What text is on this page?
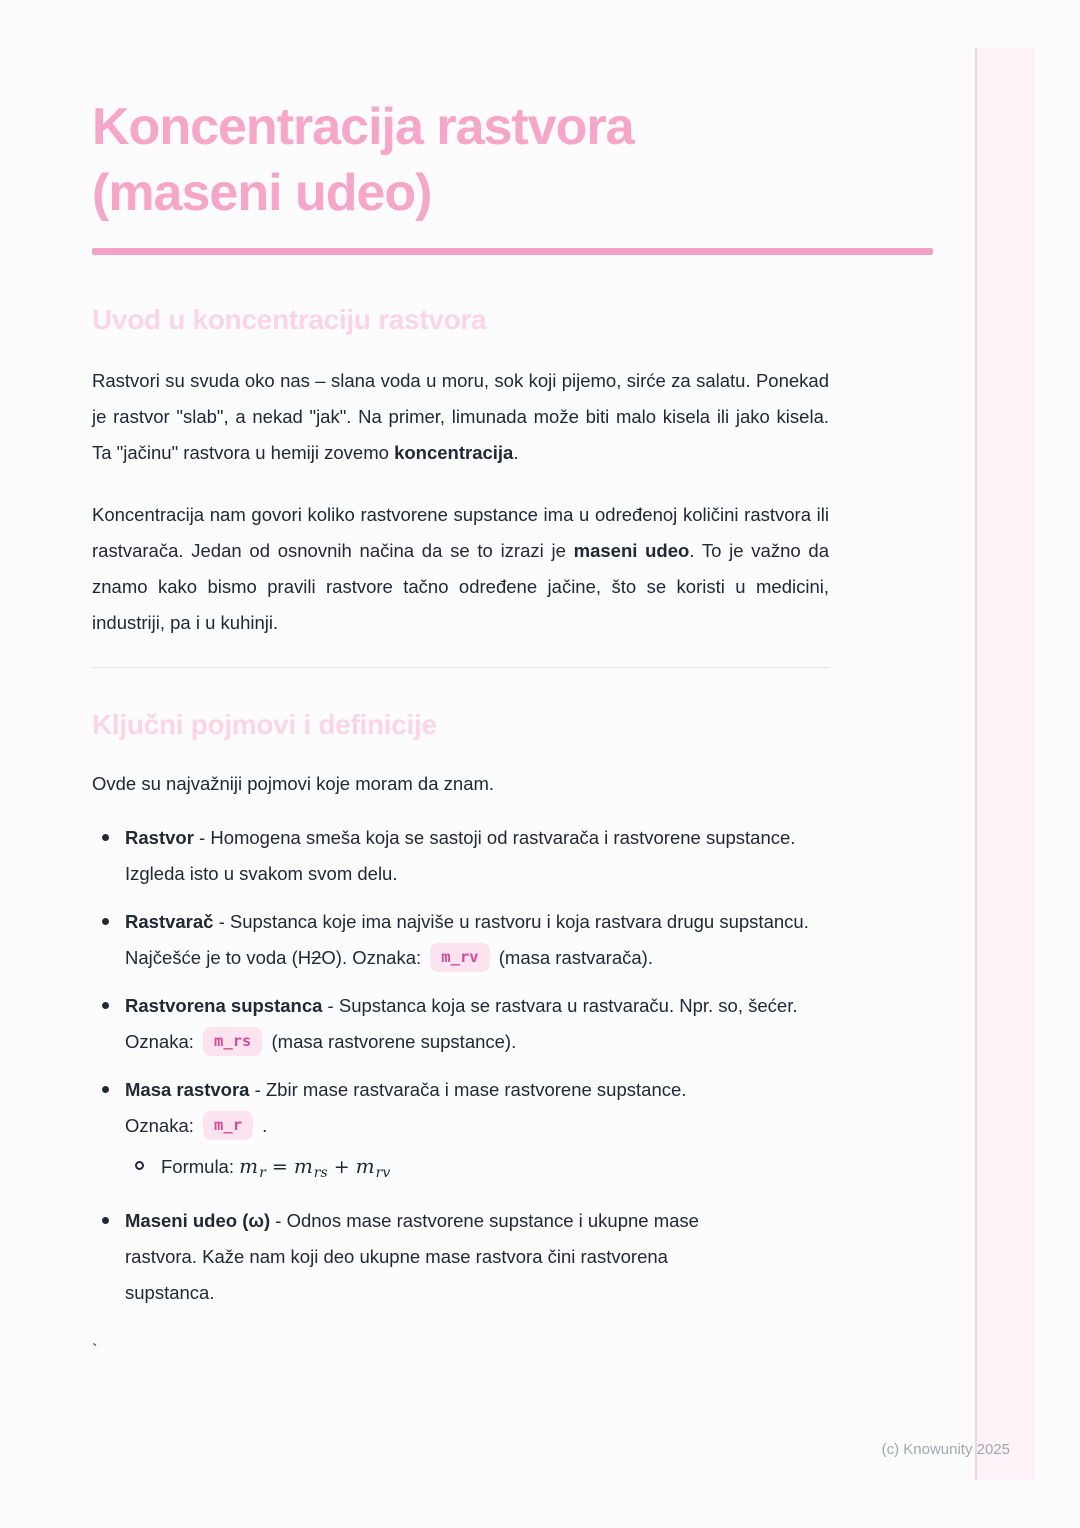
Koncentracija rastvora
(maseni udeo)
Uvod u koncentraciju rastvora

Rastvori su svuda oko nas – slana voda u moru, sok koji pijemo, sirće za salatu. Ponekad je rastvor "slab", a nekad "jak". Na primer, limunada može biti malo kisela ili jako kisela. Ta "jačinu" rastvora u hemiji zovemo koncentracija.

Koncentracija nam govori koliko rastvorene supstance ima u određenoj količini rastvora ili rastvarača. Jedan od osnovnih načina da se to izrazi je maseni udeo. To je važno da znamo kako bismo pravili rastvore tačno određene jačine, što se koristi u medicini, industriji, pa i u kuhinji.

Ključni pojmovi i definicije

Ovde su najvažniji pojmovi koje moram da znam.

Rastvor - Homogena smeša koja se sastoji od rastvarača i rastvorene supstance. Izgleda isto u svakom svom delu.
Rastvarač - Supstanca koje ima najviše u rastvoru i koja rastvara drugu supstancu. Najčešće je to voda (H2O). Oznaka: m_rv (masa rastvarača).
Rastvorena supstanca - Supstanca koja se rastvara u rastvaraču. Npr. so, šećer. Oznaka: m_rs (masa rastvorene supstance).
Masa rastvora - Zbir mase rastvarača i mase rastvorene supstance.
Oznaka: m_r .
Formula: $m_r = m_{rs} + m_{rv}$
Maseni udeo (ω) - Odnos mase rastvorene supstance i ukupne mase
rastvora. Kaže nam koji deo ukupne mase rastvora čini rastvorena
supstanca.
`
(c) Knowunity 2025
